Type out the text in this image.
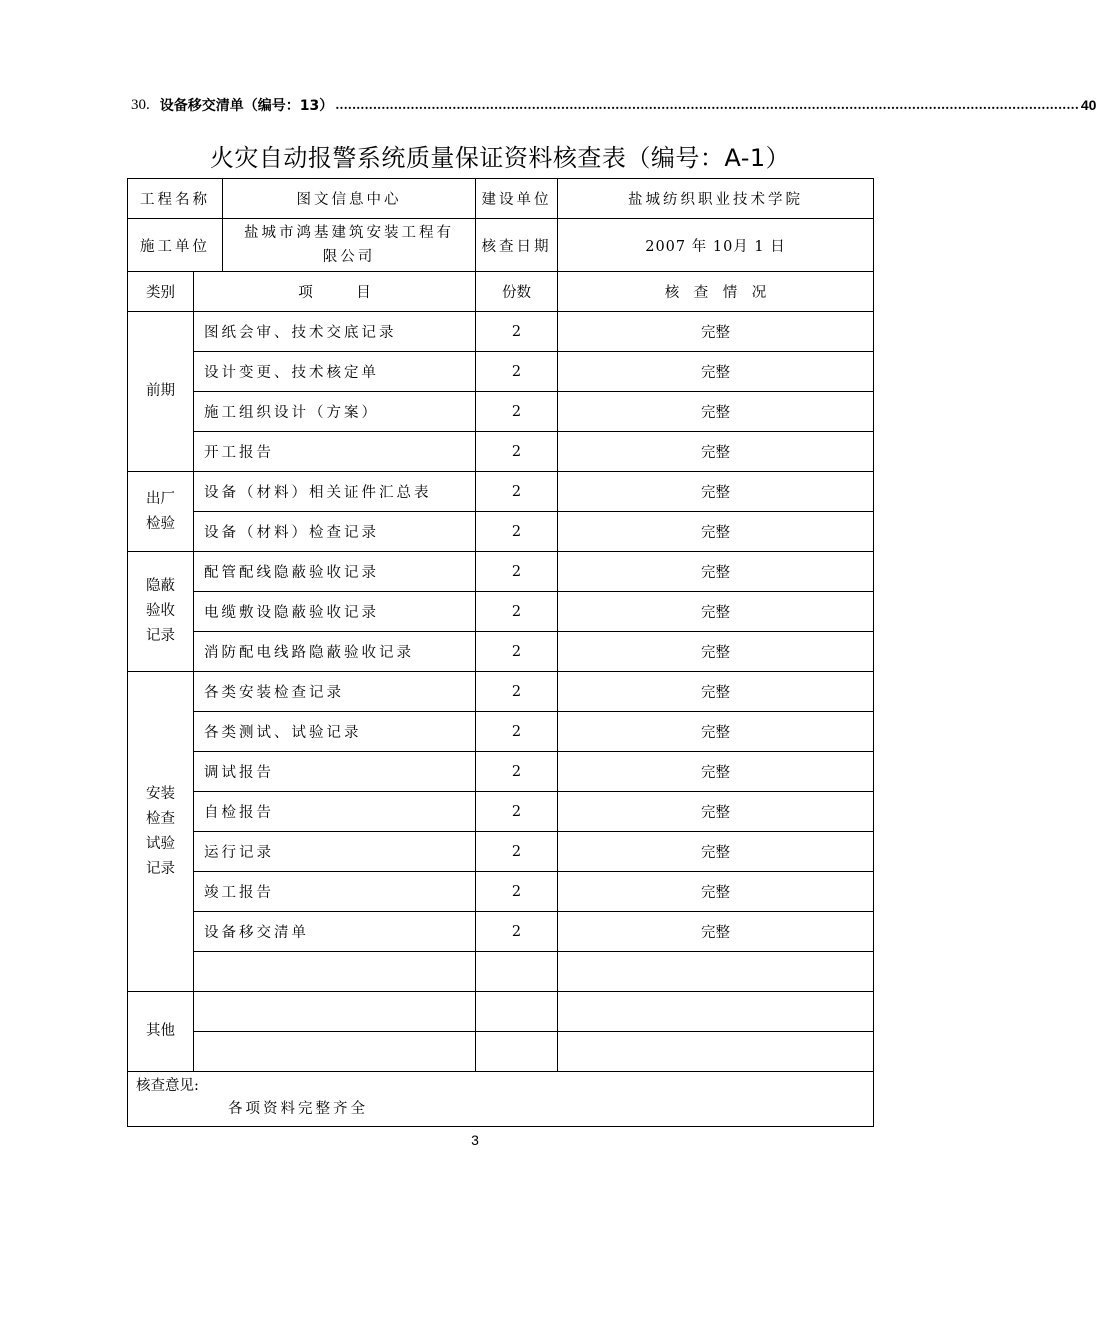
30. 设备移交清单（编号：13） .................................................................................................................................................................................. 40
火灾自动报警系统质量保证资料核查表（编号：A-1）
工程名称		图文信息中心	建设单位	盐城纺织职业技术学院
施工单位		盐城市鸿基建筑安装工程有限公司	核查日期	2007 年 10月 1 日
类别	项　　　目		份数	核　查　情　况
前期	图纸会审、技术交底记录		2	完整
	设计变更、技术核定单		2	完整
	施工组织设计（方案）		2	完整
	开工报告		2	完整
出厂
检验	设备（材料）相关证件汇总表		2	完整
	设备（材料）检查记录		2	完整
隐蔽
验收
记录	配管配线隐蔽验收记录		2	完整
	电缆敷设隐蔽验收记录		2	完整
	消防配电线路隐蔽验收记录		2	完整
安装
检查
试验
记录	各类安装检查记录		2	完整
	各类测试、试验记录		2	完整
	调试报告		2	完整
	自检报告		2	完整
	运行记录		2	完整
	竣工报告		2	完整
	设备移交清单		2	完整

其他				

核查意见:
各项资料完整齐全				
3
